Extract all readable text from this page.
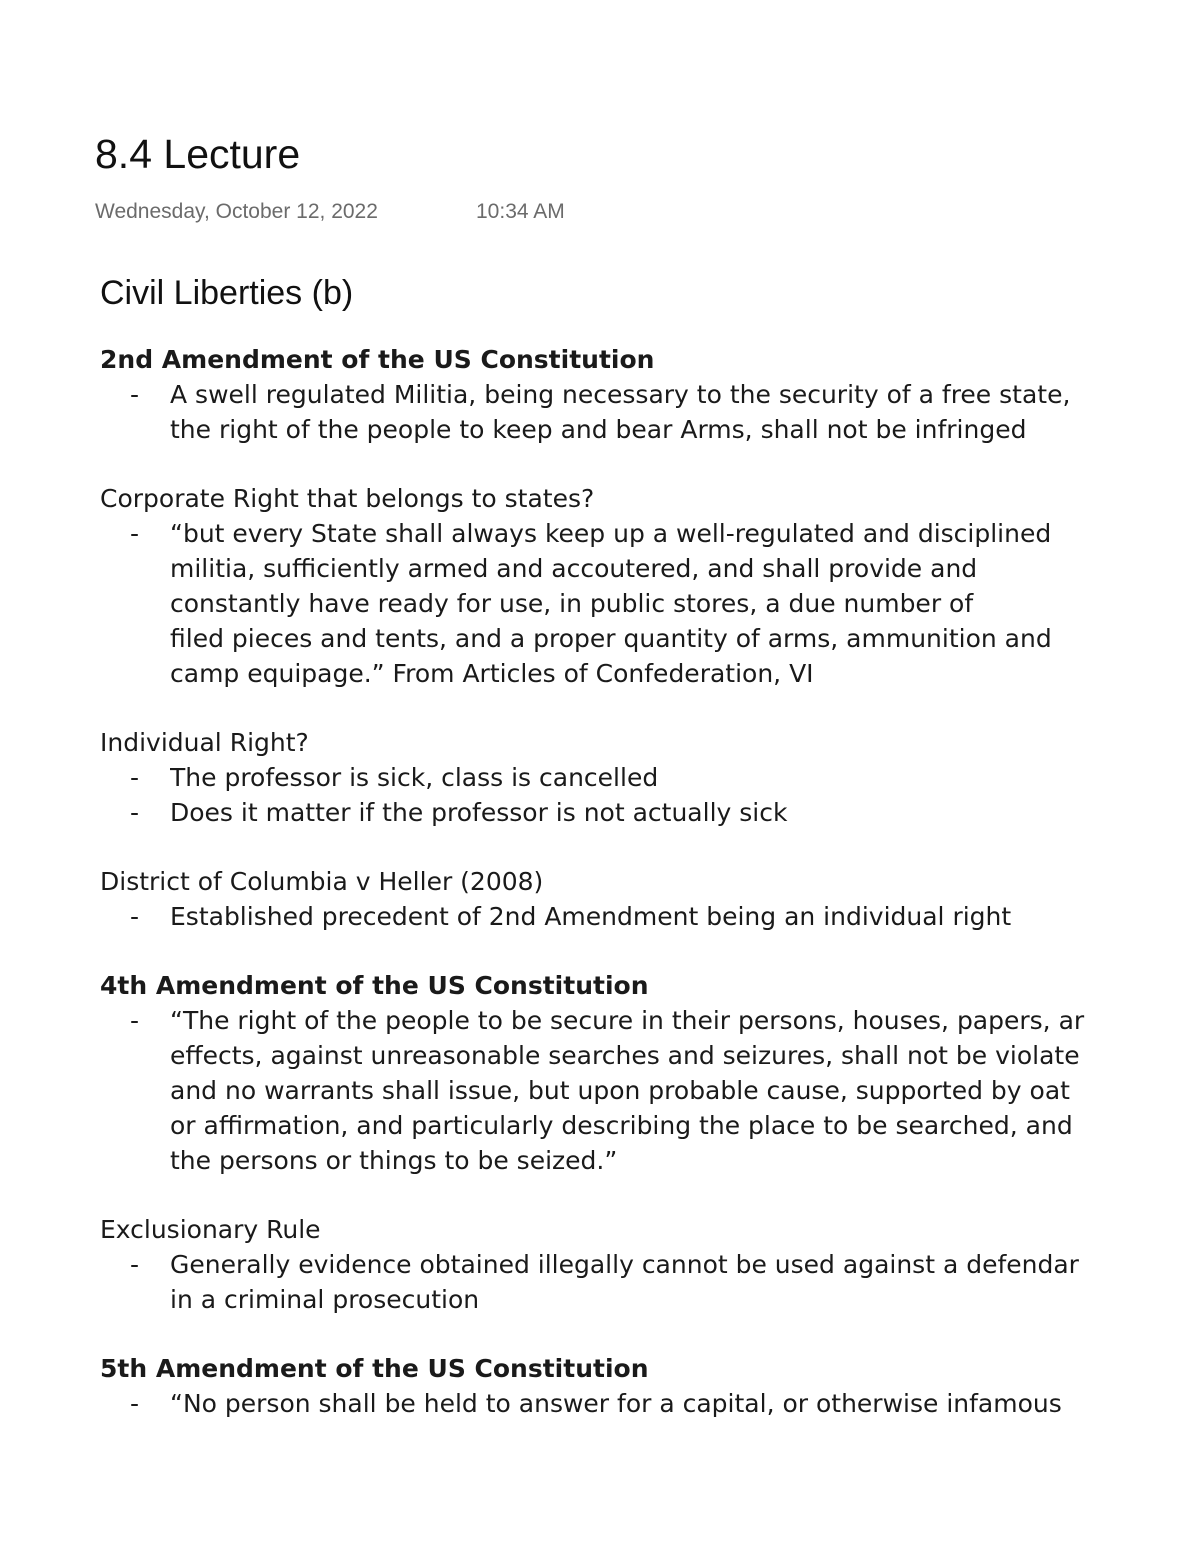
8.4 Lecture
Wednesday, October 12, 2022	10:34 AM
Civil Liberties (b)
2nd Amendment of the US Constitution
-	A swell regulated Militia, being necessary to the security of a free state,
the right of the people to keep and bear Arms, shall not be infringed
Corporate Right that belongs to states?
-	“but every State shall always keep up a well-regulated and disciplined
militia, sufficiently armed and accoutered, and shall provide and
constantly have ready for use, in public stores, a due number of
filed pieces and tents, and a proper quantity of arms, ammunition and
camp equipage.” From Articles of Confederation, VI
Individual Right?
-	The professor is sick, class is cancelled
-	Does it matter if the professor is not actually sick
District of Columbia v Heller (2008)
-	Established precedent of 2nd Amendment being an individual right
4th Amendment of the US Constitution
-	“The right of the people to be secure in their persons, houses, papers, ar
effects, against unreasonable searches and seizures, shall not be violate
and no warrants shall issue, but upon probable cause, supported by oat
or affirmation, and particularly describing the place to be searched, and
the persons or things to be seized.”
Exclusionary Rule
-	Generally evidence obtained illegally cannot be used against a defendar
in a criminal prosecution
5th Amendment of the US Constitution
-	“No person shall be held to answer for a capital, or otherwise infamous
